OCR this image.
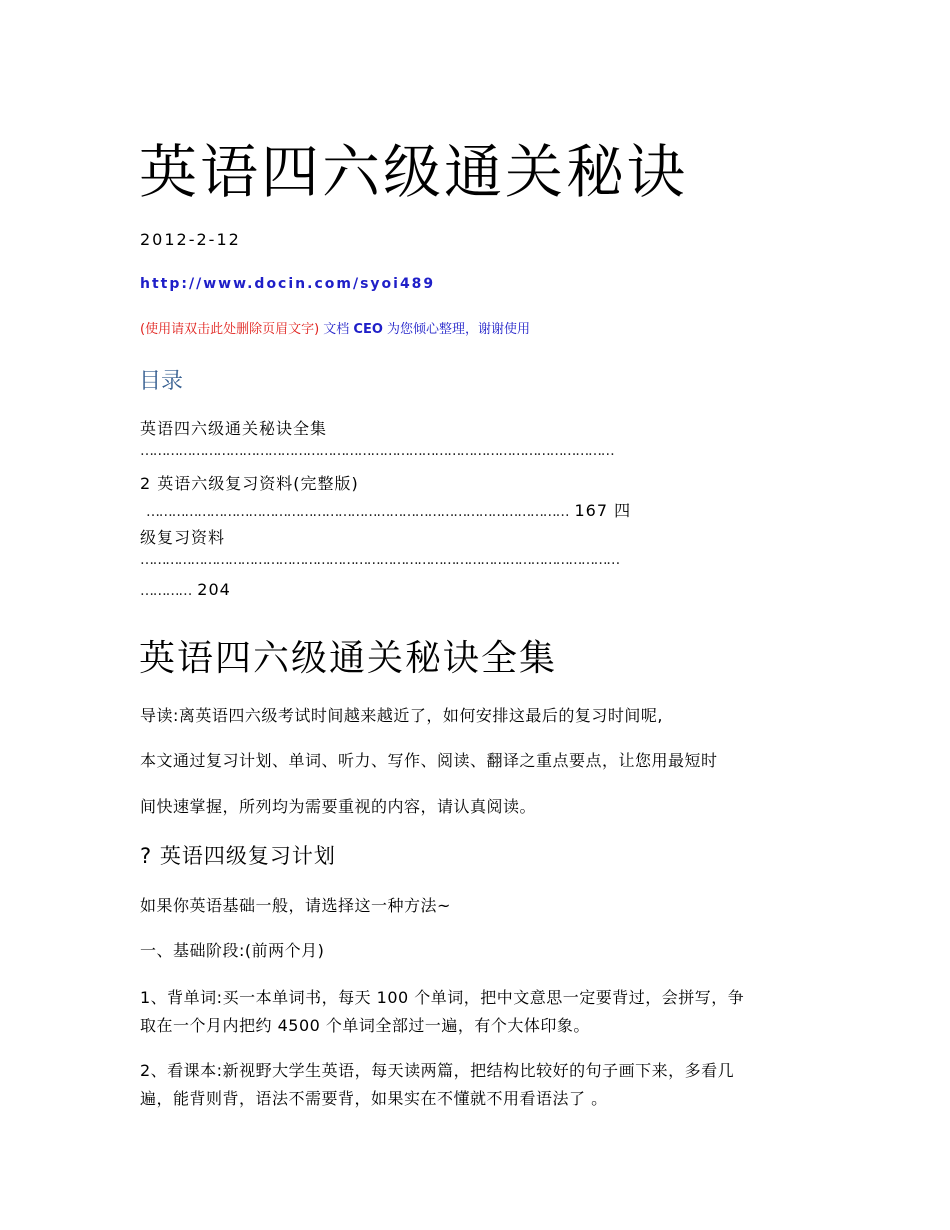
英语四六级通关秘诀
2012-2-12
http://www.docin.com/syoi489
(使用请双击此处删除页眉文字) 文档 CEO 为您倾心整理，谢谢使用
目录
英语四六级通关秘诀全集
…………………………………………………………………………………………………
2 英语六级复习资料(完整版)
……………………………………………………………………………………… 167 四
级复习资料
……………………………………………………………………………………………………
………… 204
英语四六级通关秘诀全集
导读:离英语四六级考试时间越来越近了，如何安排这最后的复习时间呢,
本文通过复习计划、单词、听力、写作、阅读、翻译之重点要点，让您用最短时
间快速掌握，所列均为需要重视的内容，请认真阅读。
? 英语四级复习计划
如果你英语基础一般，请选择这一种方法~
一、基础阶段:(前两个月)
1、背单词:买一本单词书，每天 100 个单词，把中文意思一定要背过，会拼写，争
取在一个月内把约 4500 个单词全部过一遍，有个大体印象。
2、看课本:新视野大学生英语，每天读两篇，把结构比较好的句子画下来，多看几
遍，能背则背，语法不需要背，如果实在不懂就不用看语法了 。
